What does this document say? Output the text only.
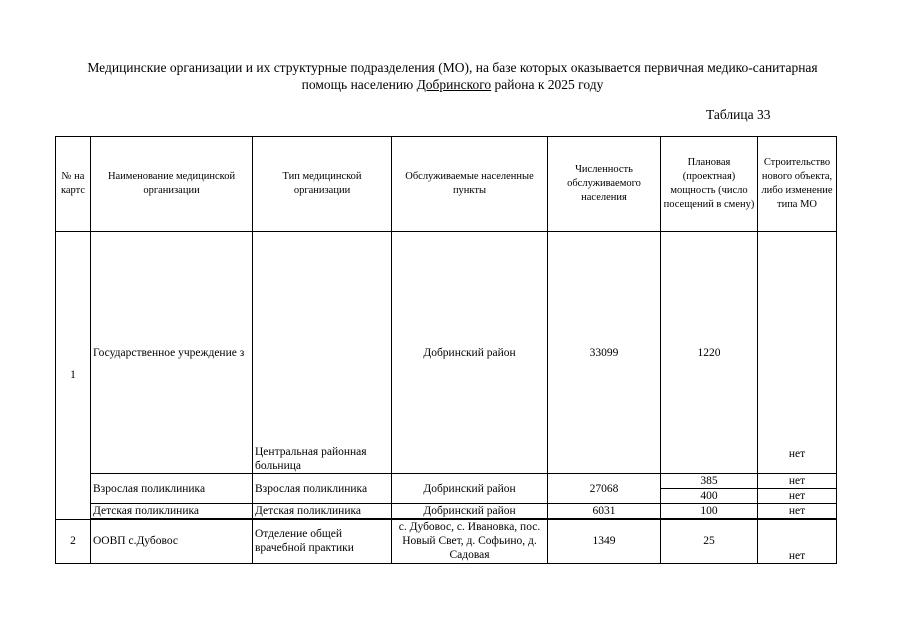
Медицинские организации и их структурные подразделения (МО), на базе которых оказывается первичная медико-санитарная
помощь населению Добринского района к 2025 году
Таблица 33
№ на картс	Наименование медицинской организации	Тип медицинской организации	Обслуживаемые населенные пункты	Численность обслуживаемого населения	Плановая (проектная) мощность (число посещений в смену)	Строительство нового объекта, либо изменение типа МО
1	Государственное учреждение з	Центральная районная больница	Добринский район	33099	1220	нет
	Взрослая поликлиника	Взрослая поликлиника	Добринский район	27068	385	нет
					400	нет
	Детская поликлиника	Детская поликлиника	Добринский район	6031	100	нет
2	ООВП с.Дубовос	Отделение общей врачебной практики	с. Дубовос, с. Ивановка, пос. Новый Свет, д. Софьино, д. Садовая	1349	25	нет
